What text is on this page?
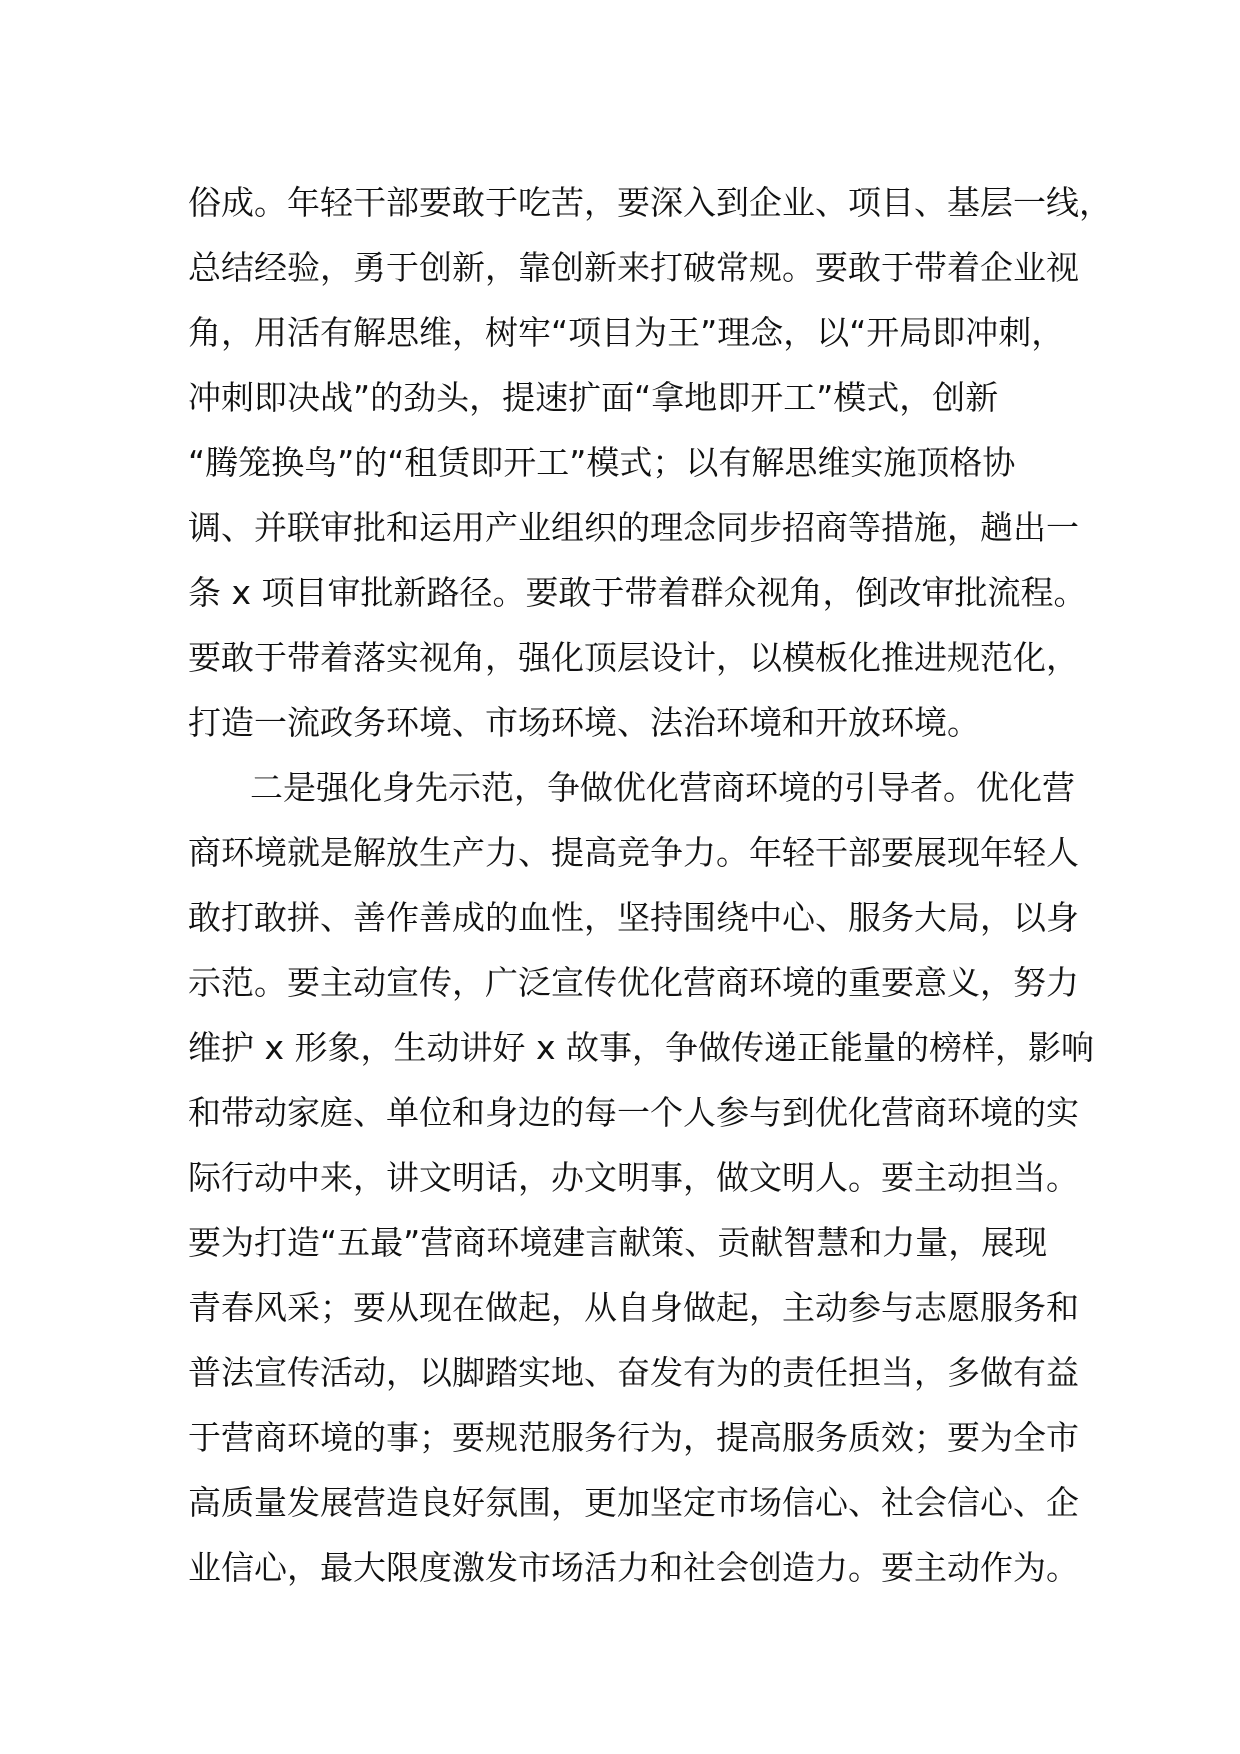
俗成。年轻干部要敢于吃苦，要深入到企业、项目、基层一线，
总结经验，勇于创新，靠创新来打破常规。要敢于带着企业视
角，用活有解思维，树牢“项目为王”理念，以“开局即冲刺，
冲刺即决战”的劲头，提速扩面“拿地即开工”模式，创新
“腾笼换鸟”的“租赁即开工”模式；以有解思维实施顶格协
调、并联审批和运用产业组织的理念同步招商等措施，趟出一
条 x 项目审批新路径。要敢于带着群众视角，倒改审批流程。
要敢于带着落实视角，强化顶层设计，以模板化推进规范化，
打造一流政务环境、市场环境、法治环境和开放环境。
二是强化身先示范，争做优化营商环境的引导者。优化营
商环境就是解放生产力、提高竞争力。年轻干部要展现年轻人
敢打敢拼、善作善成的血性，坚持围绕中心、服务大局，以身
示范。要主动宣传，广泛宣传优化营商环境的重要意义，努力
维护 x 形象，生动讲好 x 故事，争做传递正能量的榜样，影响
和带动家庭、单位和身边的每一个人参与到优化营商环境的实
际行动中来，讲文明话，办文明事，做文明人。要主动担当。
要为打造“五最”营商环境建言献策、贡献智慧和力量，展现
青春风采；要从现在做起，从自身做起，主动参与志愿服务和
普法宣传活动，以脚踏实地、奋发有为的责任担当，多做有益
于营商环境的事；要规范服务行为，提高服务质效；要为全市
高质量发展营造良好氛围，更加坚定市场信心、社会信心、企
业信心，最大限度激发市场活力和社会创造力。要主动作为。
